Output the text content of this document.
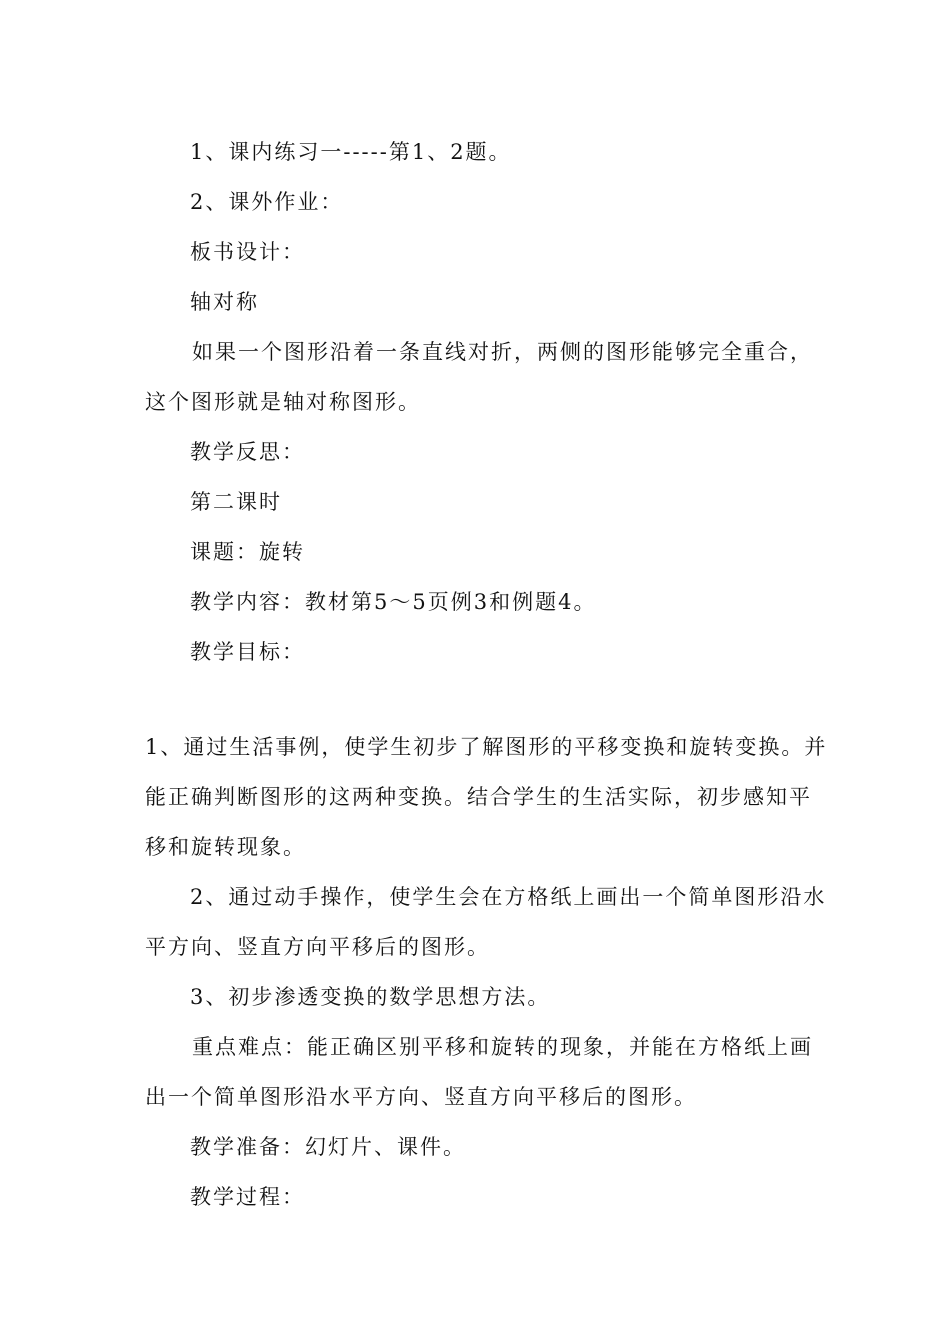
1、课内练习一-----第1、2题。
2、课外作业：
板书设计：
轴对称
如果一个图形沿着一条直线对折，两侧的图形能够完全重合，
这个图形就是轴对称图形。
教学反思：
第二课时
课题：旋转
教学内容：教材第5～5页例3和例题4。
教学目标：
1、通过生活事例，使学生初步了解图形的平移变换和旋转变换。并
能正确判断图形的这两种变换。结合学生的生活实际，初步感知平
移和旋转现象。
2、通过动手操作，使学生会在方格纸上画出一个简单图形沿水
平方向、竖直方向平移后的图形。
3、初步渗透变换的数学思想方法。
重点难点：能正确区别平移和旋转的现象，并能在方格纸上画
出一个简单图形沿水平方向、竖直方向平移后的图形。
教学准备：幻灯片、课件。
教学过程：
